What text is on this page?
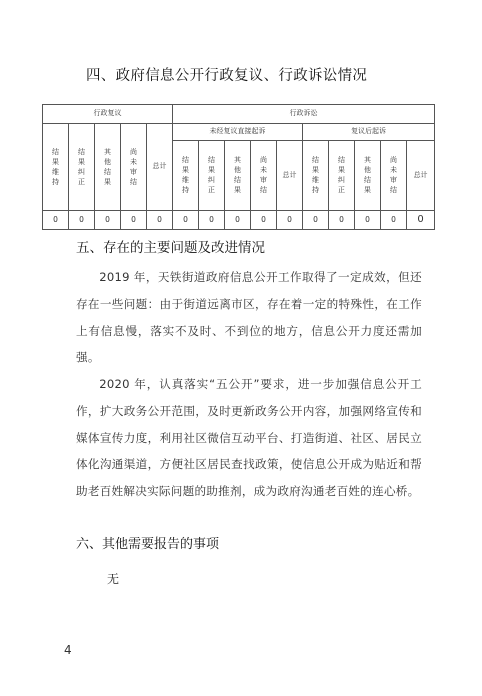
四、政府信息公开行政复议、行政诉讼情况
行政复议					行政诉讼									
结果维持	结果纠正	其他结果	尚未审结	总计	未经复议直接起诉					复议后起诉				
					结果维持	结果纠正	其他结果	尚未审结	总计	结果维持	结果纠正	其他结果	尚未审结	总计
0	0	0	0	0	0	0	0	0	0	0	0	0	0	0
五、存在的主要问题及改进情况
2019 年，天铁街道政府信息公开工作取得了一定成效，但还存在一些问题：由于街道远离市区，存在着一定的特殊性，在工作上有信息慢，落实不及时、不到位的地方，信息公开力度还需加强。
2020 年，认真落实“五公开”要求，进一步加强信息公开工作，扩大政务公开范围，及时更新政务公开内容，加强网络宣传和媒体宣传力度，利用社区微信互动平台、打造街道、社区、居民立体化沟通渠道，方便社区居民查找政策，使信息公开成为贴近和帮助老百姓解决实际问题的助推剂，成为政府沟通老百姓的连心桥。
六、其他需要报告的事项
无
4
